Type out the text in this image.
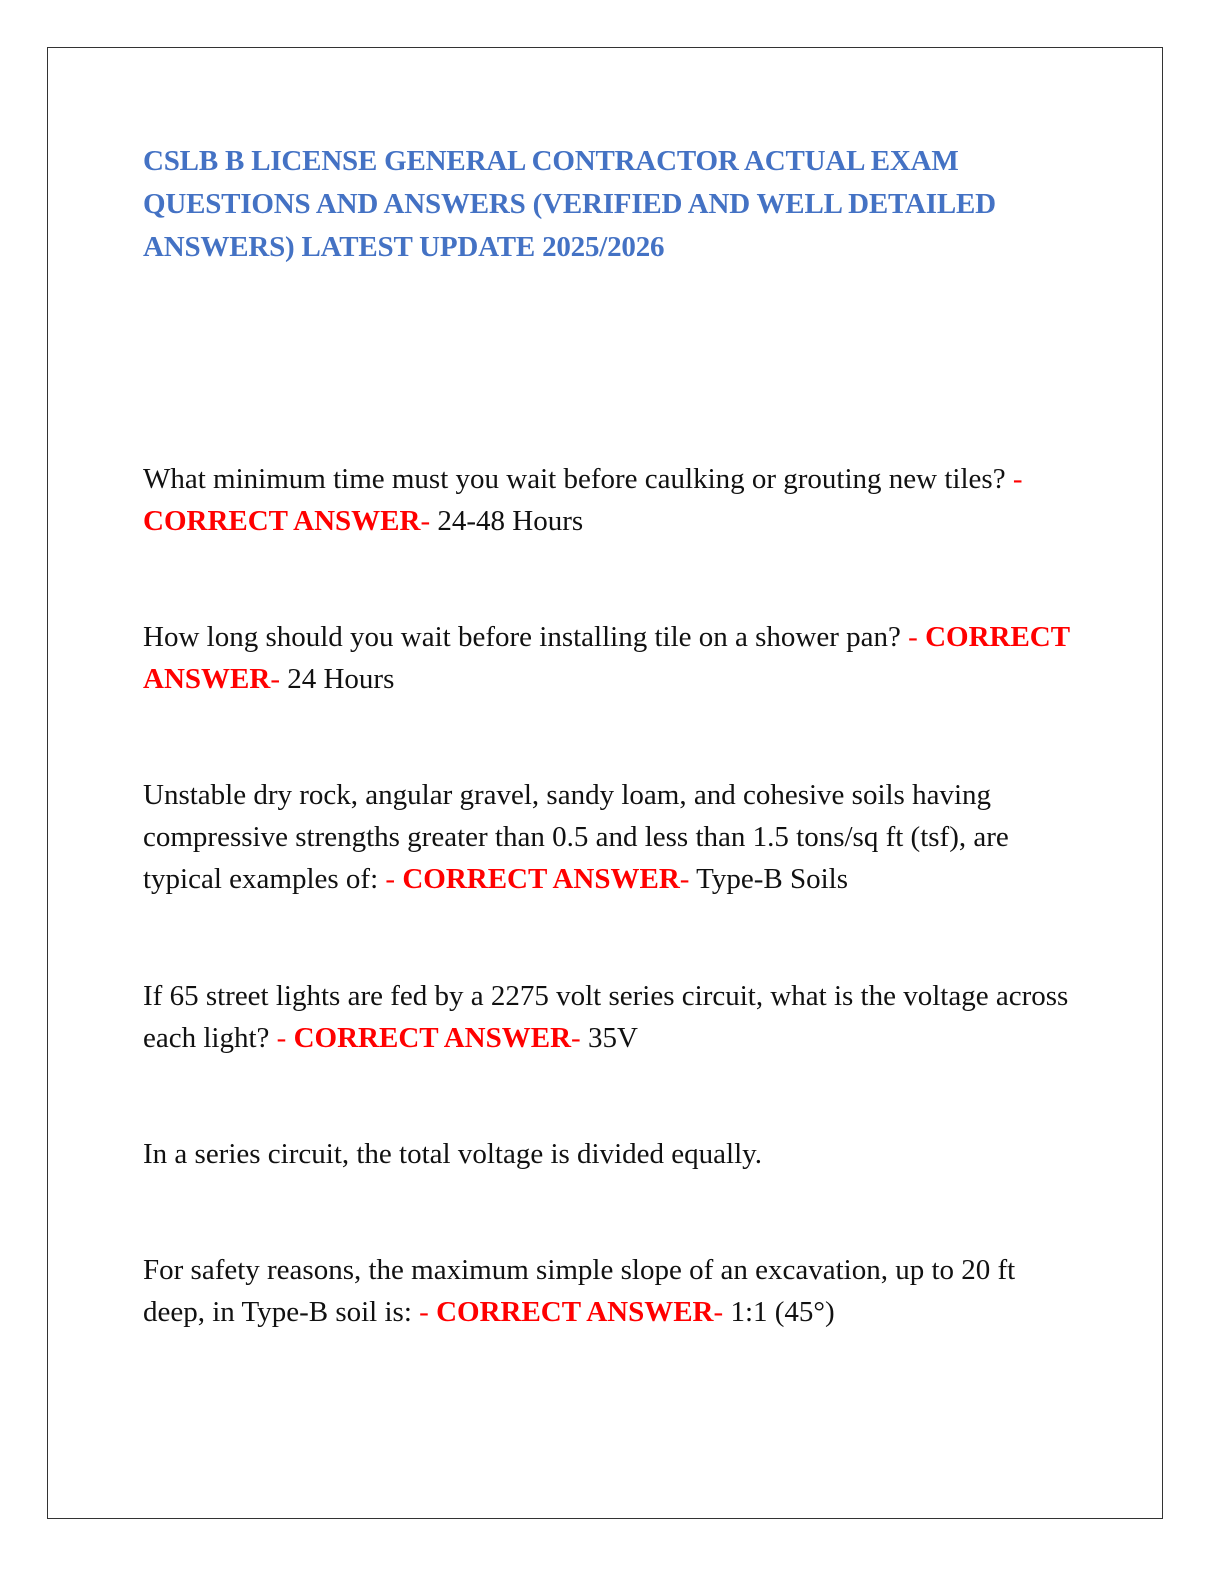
CSLB B LICENSE GENERAL CONTRACTOR ACTUAL EXAM QUESTIONS AND ANSWERS (VERIFIED AND WELL DETAILED ANSWERS) LATEST UPDATE 2025/2026

What minimum time must you wait before caulking or grouting new tiles? - CORRECT ANSWER- 24-48 Hours

How long should you wait before installing tile on a shower pan? - CORRECT ANSWER- 24 Hours

Unstable dry rock, angular gravel, sandy loam, and cohesive soils having compressive strengths greater than 0.5 and less than 1.5 tons/sq ft (tsf), are typical examples of: - CORRECT ANSWER- Type-B Soils

If 65 street lights are fed by a 2275 volt series circuit, what is the voltage across each light? - CORRECT ANSWER- 35V

In a series circuit, the total voltage is divided equally.

For safety reasons, the maximum simple slope of an excavation, up to 20 ft deep, in Type-B soil is: - CORRECT ANSWER- 1:1 (45°)
